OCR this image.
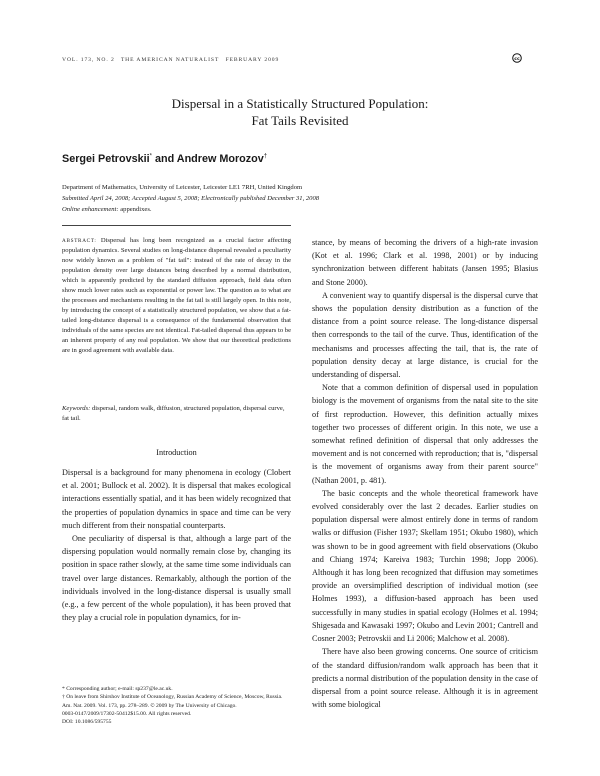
VOL. 173, NO. 2 THE AMERICAN NATURALIST FEBRUARY 2009	cc
Dispersal in a Statistically Structured Population:
Fat Tails Revisited
Sergei Petrovskii* and Andrew Morozov†
Department of Mathematics, University of Leicester, Leicester LE1 7RH, United Kingdom
Submitted April 24, 2008; Accepted August 5, 2008; Electronically published December 31, 2008
Online enhancement: appendixes.
ABSTRACT: Dispersal has long been recognized as a crucial factor affecting population dynamics. Several studies on long-distance dispersal revealed a peculiarity now widely known as a problem of "fat tail": instead of the rate of decay in the population density over large distances being described by a normal distribution, which is apparently predicted by the standard diffusion approach, field data often show much lower rates such as exponential or power law. The question as to what are the processes and mechanisms resulting in the fat tail is still largely open. In this note, by introducing the concept of a statistically structured population, we show that a fat-tailed long-distance dispersal is a consequence of the fundamental observation that individuals of the same species are not identical. Fat-tailed dispersal thus appears to be an inherent property of any real population. We show that our theoretical predictions are in good agreement with available data.
Keywords: dispersal, random walk, diffusion, structured population, dispersal curve, fat tail.
Introduction

Dispersal is a background for many phenomena in ecology (Clobert et al. 2001; Bullock et al. 2002). It is dispersal that makes ecological interactions essentially spatial, and it has been widely recognized that the properties of population dynamics in space and time can be very much different from their nonspatial counterparts.

One peculiarity of dispersal is that, although a large part of the dispersing population would normally remain close by, changing its position in space rather slowly, at the same time some individuals can travel over large distances. Remarkably, although the portion of the individuals involved in the long-distance dispersal is usually small (e.g., a few percent of the whole population), it has been proved that they play a crucial role in population dynamics, for in-

* Corresponding author; e-mail: sp237@le.ac.uk.

† On leave from Shirshov Institute of Oceanology, Russian Academy of Science, Moscow, Russia.

Am. Nat. 2009. Vol. 173, pp. 278–289. © 2009 by The University of Chicago.

0003-0147/2009/17302-50412$15.00. All rights reserved.

DOI: 10.1086/595755

stance, by means of becoming the drivers of a high-rate invasion (Kot et al. 1996; Clark et al. 1998, 2001) or by inducing synchronization between different habitats (Jansen 1995; Blasius and Stone 2000).

A convenient way to quantify dispersal is the dispersal curve that shows the population density distribution as a function of the distance from a point source release. The long-distance dispersal then corresponds to the tail of the curve. Thus, identification of the mechanisms and processes affecting the tail, that is, the rate of population density decay at large distance, is crucial for the understanding of dispersal.

Note that a common definition of dispersal used in population biology is the movement of organisms from the natal site to the site of first reproduction. However, this definition actually mixes together two processes of different origin. In this note, we use a somewhat refined definition of dispersal that only addresses the movement and is not concerned with reproduction; that is, "dispersal is the movement of organisms away from their parent source" (Nathan 2001, p. 481).

The basic concepts and the whole theoretical framework have evolved considerably over the last 2 decades. Earlier studies on population dispersal were almost entirely done in terms of random walks or diffusion (Fisher 1937; Skellam 1951; Okubo 1980), which was shown to be in good agreement with field observations (Okubo and Chiang 1974; Kareiva 1983; Turchin 1998; Jopp 2006). Although it has long been recognized that diffusion may sometimes provide an oversimplified description of individual motion (see Holmes 1993), a diffusion-based approach has been used successfully in many studies in spatial ecology (Holmes et al. 1994; Shigesada and Kawasaki 1997; Okubo and Levin 2001; Cantrell and Cosner 2003; Petrovskii and Li 2006; Malchow et al. 2008).

There have also been growing concerns. One source of criticism of the standard diffusion/random walk approach has been that it predicts a normal distribution of the population density in the case of dispersal from a point source release. Although it is in agreement with some biological
